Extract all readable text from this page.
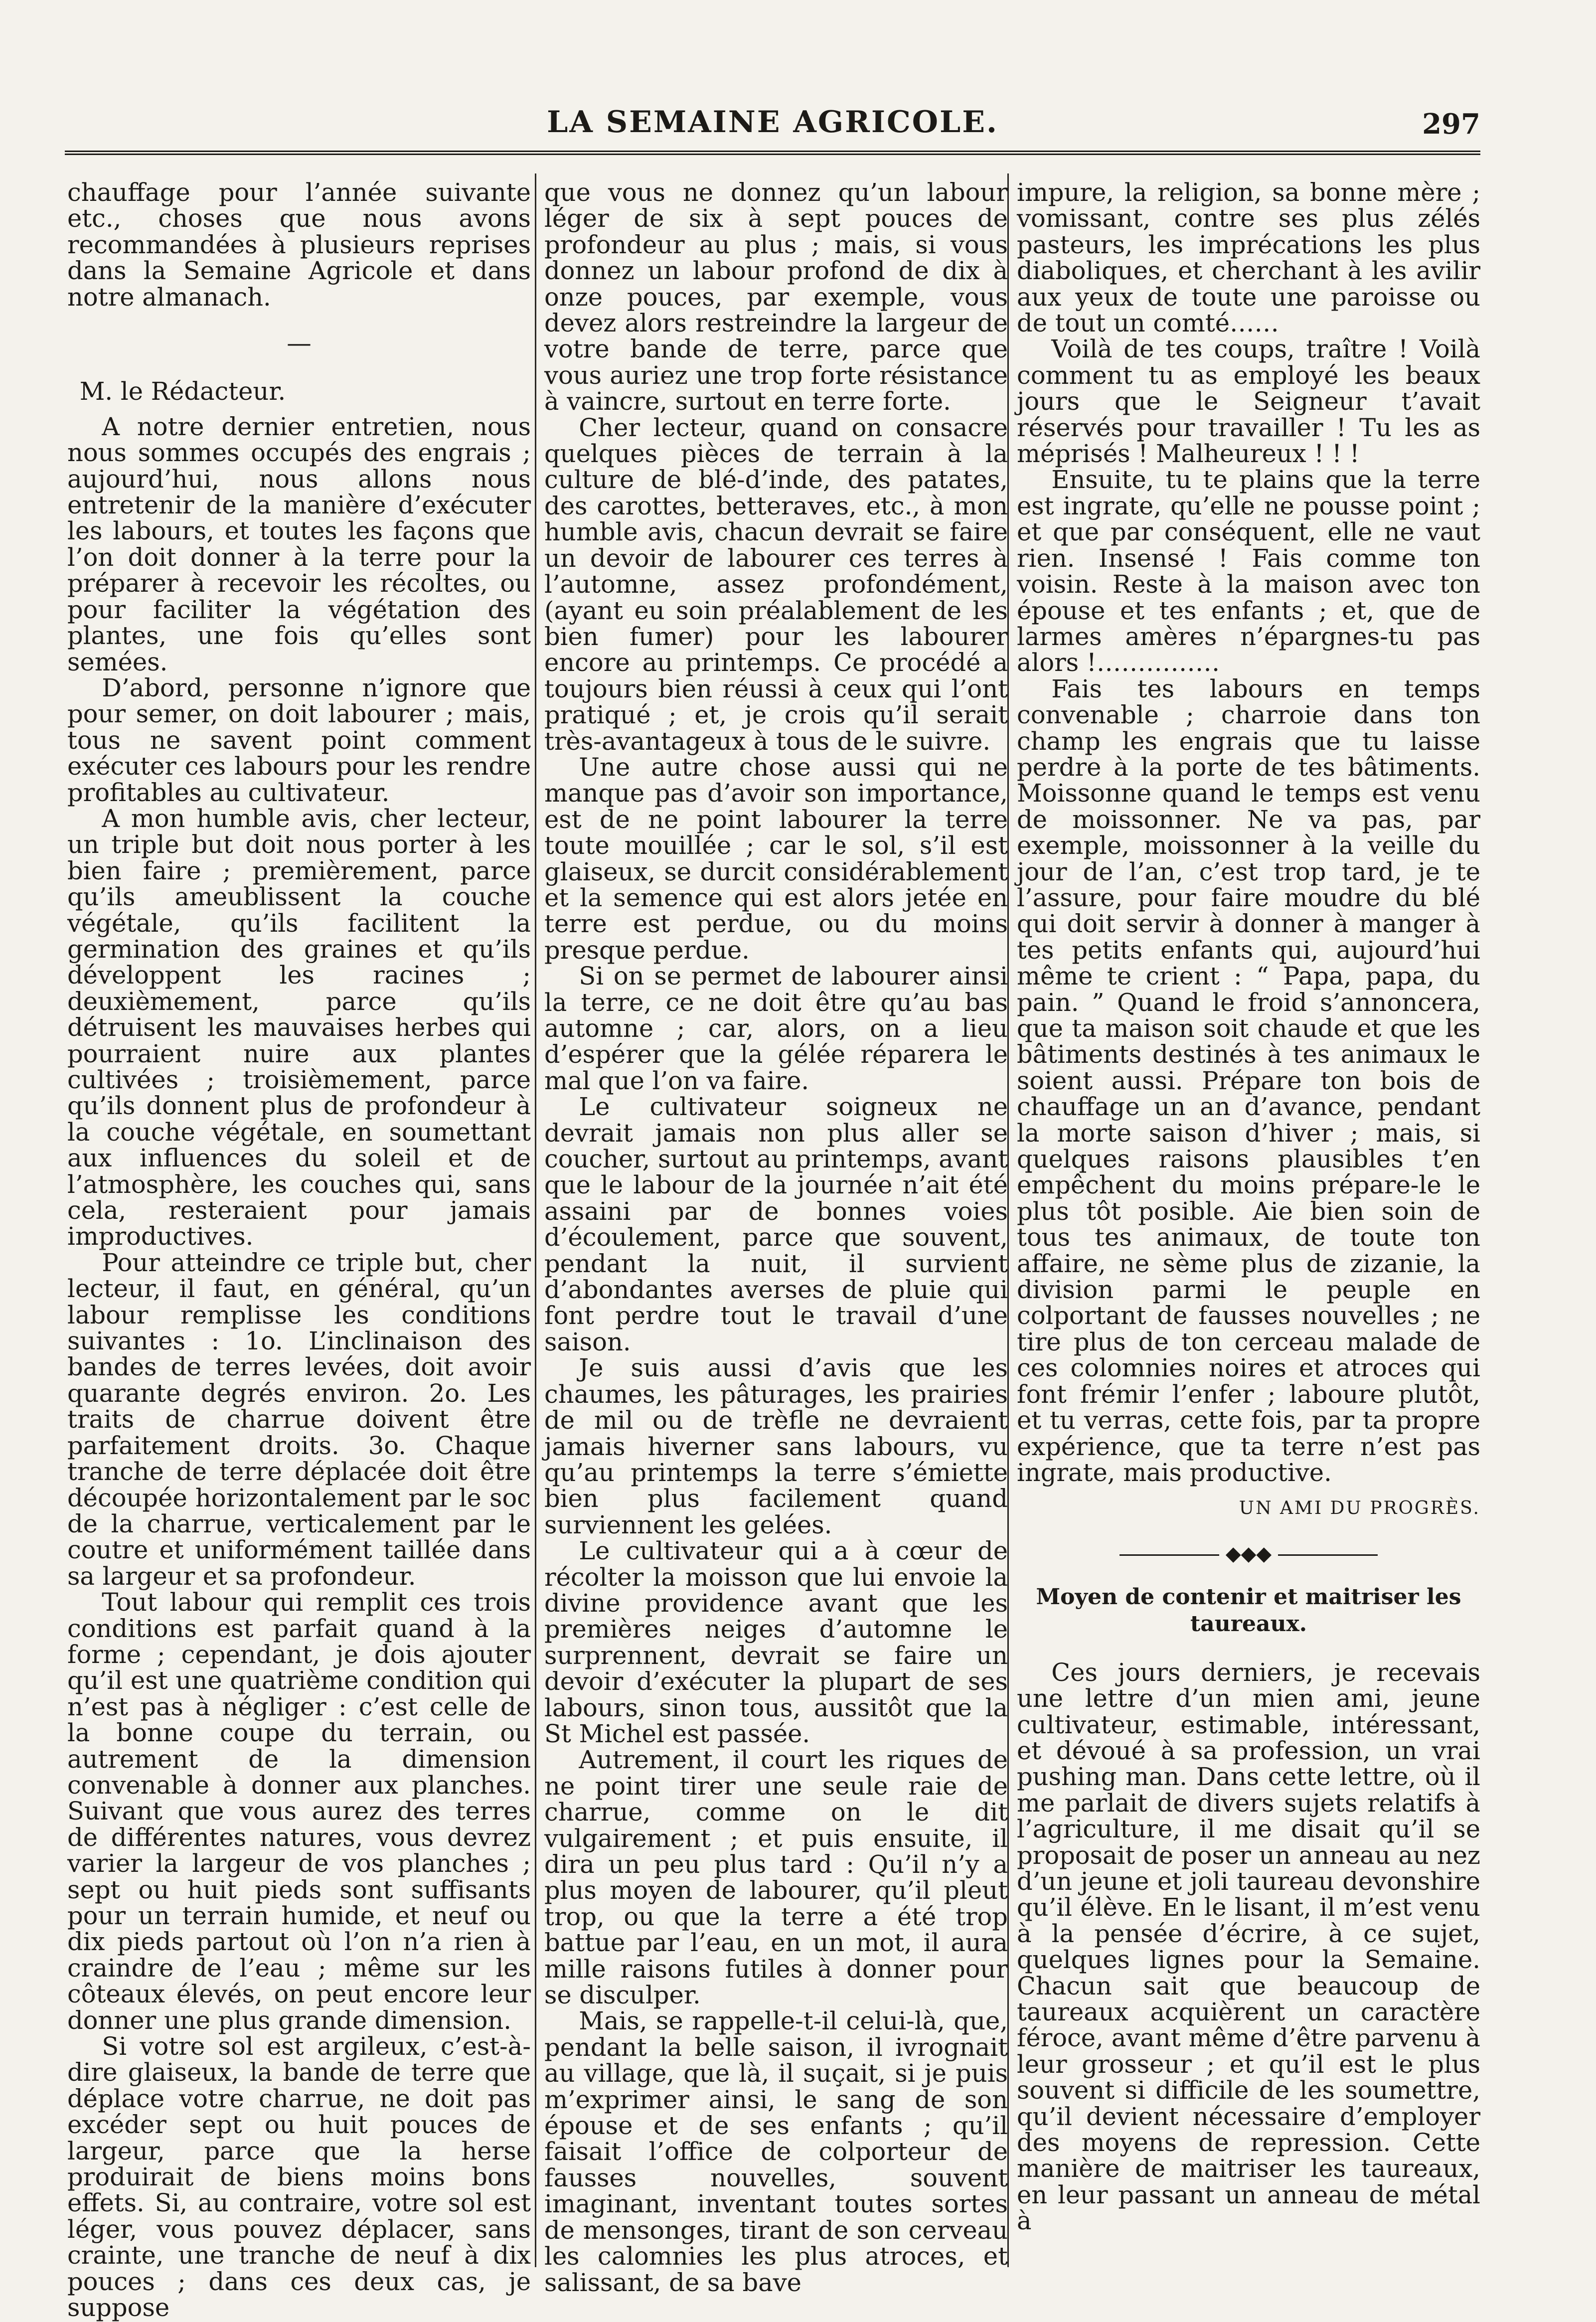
LA SEMAINE AGRICOLE.	297

chauffage pour l’année suivante etc., choses que nous avons recommandées à plusieurs reprises dans la Semaine Agricole et dans notre almanach.

—

M. le Rédacteur.

A notre dernier entretien, nous nous sommes occupés des engrais ; aujourd’hui, nous allons nous entretenir de la manière d’exécuter les labours, et toutes les façons que l’on doit donner à la terre pour la préparer à recevoir les récoltes, ou pour faciliter la végétation des plantes, une fois qu’elles sont semées.

D’abord, personne n’ignore que pour semer, on doit labourer ; mais, tous ne savent point comment exécuter ces labours pour les rendre profitables au cultivateur.

A mon humble avis, cher lecteur, un triple but doit nous porter à les bien faire ; premièrement, parce qu’ils ameublissent la couche végétale, qu’ils facilitent la germination des graines et qu’ils développent les racines ; deuxièmement, parce qu’ils détruisent les mauvaises herbes qui pourraient nuire aux plantes cultivées ; troisièmement, parce qu’ils donnent plus de profondeur à la couche végétale, en soumettant aux influences du soleil et de l’atmosphère, les couches qui, sans cela, resteraient pour jamais improductives.

Pour atteindre ce triple but, cher lecteur, il faut, en général, qu’un labour remplisse les conditions suivantes : 1o. L’inclinaison des bandes de terres levées, doit avoir quarante degrés environ. 2o. Les traits de charrue doivent être parfaitement droits. 3o. Chaque tranche de terre déplacée doit être découpée horizontalement par le soc de la charrue, verticalement par le coutre et uniformément taillée dans sa largeur et sa profondeur.

Tout labour qui remplit ces trois conditions est parfait quand à la forme ; cependant, je dois ajouter qu’il est une quatrième condition qui n’est pas à négliger : c’est celle de la bonne coupe du terrain, ou autrement de la dimension convenable à donner aux planches. Suivant que vous aurez des terres de différentes natures, vous devrez varier la largeur de vos planches ; sept ou huit pieds sont suffisants pour un terrain humide, et neuf ou dix pieds partout où l’on n’a rien à craindre de l’eau ; même sur les côteaux élevés, on peut encore leur donner une plus grande dimension.

Si votre sol est argileux, c’est-à-dire glaiseux, la bande de terre que déplace votre charrue, ne doit pas excéder sept ou huit pouces de largeur, parce que la herse produirait de biens moins bons effets. Si, au contraire, votre sol est léger, vous pouvez déplacer, sans crainte, une tranche de neuf à dix pouces ; dans ces deux cas, je suppose

que vous ne donnez qu’un labour léger de six à sept pouces de profondeur au plus ; mais, si vous donnez un labour profond de dix à onze pouces, par exemple, vous devez alors restreindre la largeur de votre bande de terre, parce que vous auriez une trop forte résistance à vaincre, surtout en terre forte.

Cher lecteur, quand on consacre quelques pièces de terrain à la culture de blé-d’inde, des patates, des carottes, betteraves, etc., à mon humble avis, chacun devrait se faire un devoir de labourer ces terres à l’automne, assez profondément, (ayant eu soin préalablement de les bien fumer) pour les labourer encore au printemps. Ce procédé a toujours bien réussi à ceux qui l’ont pratiqué ; et, je crois qu’il serait très-avantageux à tous de le suivre.

Une autre chose aussi qui ne manque pas d’avoir son importance, est de ne point labourer la terre toute mouillée ; car le sol, s’il est glaiseux, se durcit considérablement et la semence qui est alors jetée en terre est perdue, ou du moins presque perdue.

Si on se permet de labourer ainsi la terre, ce ne doit être qu’au bas automne ; car, alors, on a lieu d’espérer que la gélée réparera le mal que l’on va faire.

Le cultivateur soigneux ne devrait jamais non plus aller se coucher, surtout au printemps, avant que le labour de la journée n’ait été assaini par de bonnes voies d’écoulement, parce que souvent, pendant la nuit, il survient d’abondantes averses de pluie qui font perdre tout le travail d’une saison.

Je suis aussi d’avis que les chaumes, les pâturages, les prairies de mil ou de trèfle ne devraient jamais hiverner sans labours, vu qu’au printemps la terre s’émiette bien plus facilement quand surviennent les gelées.

Le cultivateur qui a à cœur de récolter la moisson que lui envoie la divine providence avant que les premières neiges d’automne le surprennent, devrait se faire un devoir d’exécuter la plupart de ses labours, sinon tous, aussitôt que la St Michel est passée.

Autrement, il court les riques de ne point tirer une seule raie de charrue, comme on le dit vulgairement ; et puis ensuite, il dira un peu plus tard : Qu’il n’y a plus moyen de labourer, qu’il pleut trop, ou que la terre a été trop battue par l’eau, en un mot, il aura mille raisons futiles à donner pour se disculper.

Mais, se rappelle-t-il celui-là, que, pendant la belle saison, il ivrognait au village, que là, il suçait, si je puis m’exprimer ainsi, le sang de son épouse et de ses enfants ; qu’il faisait l’office de colporteur de fausses nouvelles, souvent imaginant, inventant toutes sortes de mensonges, tirant de son cerveau les calomnies les plus atroces, et salissant, de sa bave

impure, la religion, sa bonne mère ; vomissant, contre ses plus zélés pasteurs, les imprécations les plus diaboliques, et cherchant à les avilir aux yeux de toute une paroisse ou de tout un comté……

Voilà de tes coups, traître ! Voilà comment tu as employé les beaux jours que le Seigneur t’avait réservés pour travailler ! Tu les as méprisés ! Malheureux ! ! !

Ensuite, tu te plains que la terre est ingrate, qu’elle ne pousse point ; et que par conséquent, elle ne vaut rien. Insensé ! Fais comme ton voisin. Reste à la maison avec ton épouse et tes enfants ; et, que de larmes amères n’épargnes-tu pas alors !……………

Fais tes labours en temps convenable ; charroie dans ton champ les engrais que tu laisse perdre à la porte de tes bâtiments. Moissonne quand le temps est venu de moissonner. Ne va pas, par exemple, moissonner à la veille du jour de l’an, c’est trop tard, je te l’assure, pour faire moudre du blé qui doit servir à donner à manger à tes petits enfants qui, aujourd’hui même te crient : “ Papa, papa, du pain. ” Quand le froid s’annoncera, que ta maison soit chaude et que les bâtiments destinés à tes animaux le soient aussi. Prépare ton bois de chauffage un an d’avance, pendant la morte saison d’hiver ; mais, si quelques raisons plausibles t’en empêchent du moins prépare-le le plus tôt posible. Aie bien soin de tous tes animaux, de toute ton affaire, ne sème plus de zizanie, la division parmi le peuple en colportant de fausses nouvelles ; ne tire plus de ton cerceau malade de ces colomnies noires et atroces qui font frémir l’enfer ; laboure plutôt, et tu verras, cette fois, par ta propre expérience, que ta terre n’est pas ingrate, mais productive.

UN AMI DU PROGRÈS.
◆◆◆
Moyen de contenir et maitriser les taureaux.

Ces jours derniers, je recevais une lettre d’un mien ami, jeune cultivateur, estimable, intéressant, et dévoué à sa profession, un vrai pushing man. Dans cette lettre, où il me parlait de divers sujets relatifs à l’agriculture, il me disait qu’il se proposait de poser un anneau au nez d’un jeune et joli taureau devonshire qu’il élève. En le lisant, il m’est venu à la pensée d’écrire, à ce sujet, quelques lignes pour la Semaine. Chacun sait que beaucoup de taureaux acquièrent un caractère féroce, avant même d’être parvenu à leur grosseur ; et qu’il est le plus souvent si difficile de les soumettre, qu’il devient nécessaire d’employer des moyens de repression. Cette manière de maitriser les taureaux, en leur passant un anneau de métal à
